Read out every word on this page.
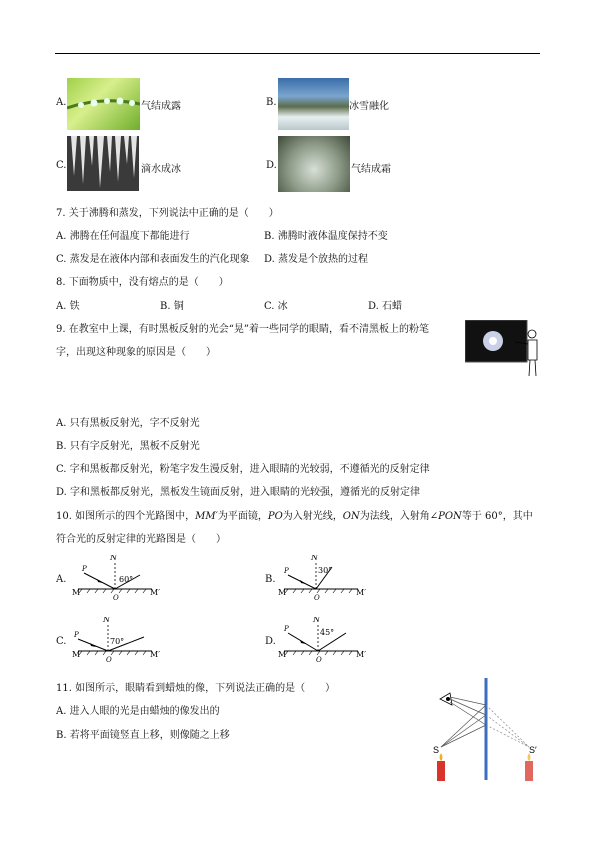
A.	气结成露	B.	冰雪融化
C.	滴水成冰	D.	气结成霜
7. 关于沸腾和蒸发，下列说法中正确的是（　　）
A. 沸腾在任何温度下都能进行	B. 沸腾时液体温度保持不变
C. 蒸发是在液体内部和表面发生的汽化现象 D. 蒸发是个放热的过程
8. 下面物质中，没有熔点的是（　　）
A. 铁	B. 铜	C. 冰	D. 石蜡
9. 在教室中上课，有时黑板反射的光会“晃”着一些同学的眼睛，看不清黑板上的粉笔
字，出现这种现象的原因是（　　）
A. 只有黑板反射光，字不反射光
B. 只有字反射光，黑板不反射光
C. 字和黑板都反射光，粉笔字发生漫反射，进入眼睛的光较弱，不遵循光的反射定律
D. 字和黑板都反射光，黑板发生镜面反射，进入眼睛的光较强，遵循光的反射定律
10. 如图所示的四个光路图中，MM′为平面镜，PO为入射光线，ON为法线，入射角∠PON等于 60°，其中
符合光的反射定律的光路图是（　　）
A.
N
P
60°
M	M′
O
B.
N
P	30°
M	M′
O
C.
N
P
70°
M	M′
O
D.
N
P	45°
M	M′
O
11. 如图所示，眼睛看到蜡烛的像，下列说法正确的是（　　）
A. 进入人眼的光是由蜡烛的像发出的
B. 若将平面镜竖直上移，则像随之上移
S	S′
